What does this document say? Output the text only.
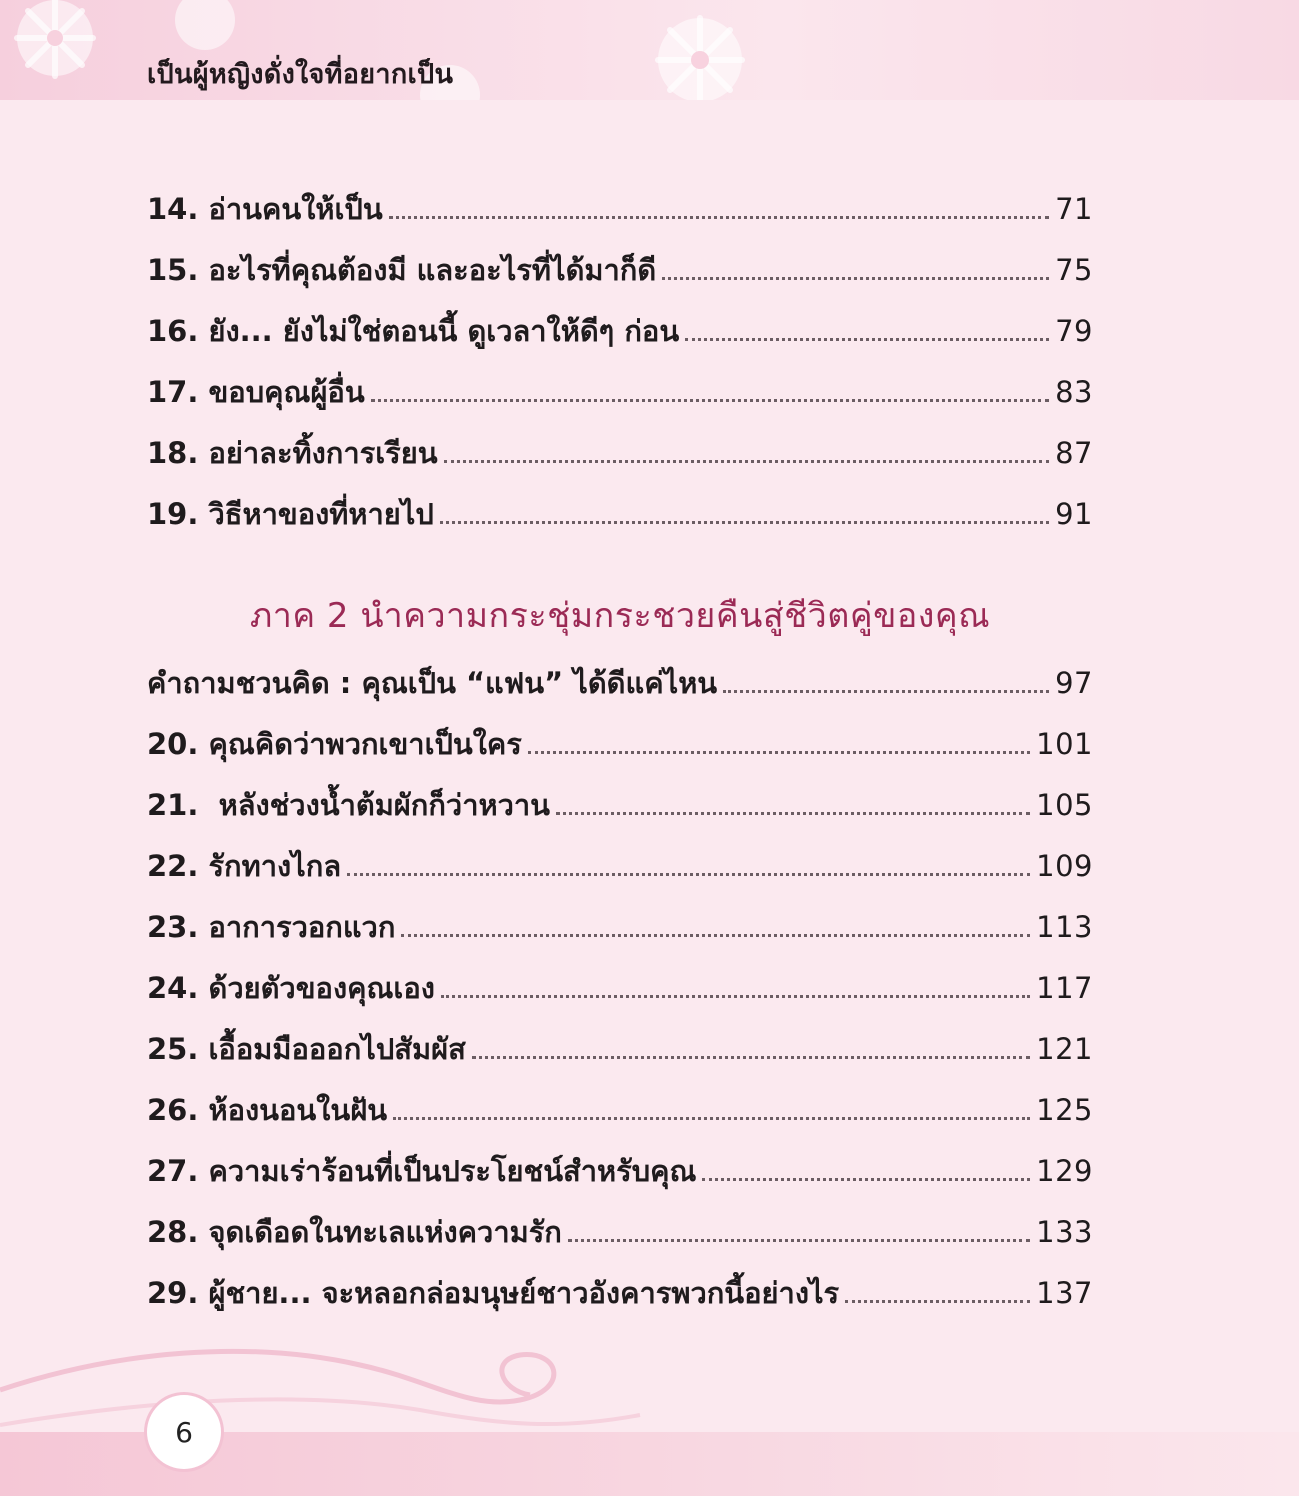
เป็นผู้หญิงดั่งใจที่อยากเป็น
14. อ่านคนให้เป็น	71
15. อะไรที่คุณต้องมี และอะไรที่ได้มาก็ดี	75
16. ยัง... ยังไม่ใช่ตอนนี้ ดูเวลาให้ดีๆ ก่อน	79
17. ขอบคุณผู้อื่น	83
18. อย่าละทิ้งการเรียน	87
19. วิธีหาของที่หายไป	91
ภาค 2 นำความกระชุ่มกระชวยคืนสู่ชีวิตคู่ของคุณ
คำถามชวนคิด : คุณเป็น “แฟน” ได้ดีแค่ไหน	97
20. คุณคิดว่าพวกเขาเป็นใคร	101
21. หลังช่วงน้ำต้มผักก็ว่าหวาน	105
22. รักทางไกล	109
23. อาการวอกแวก	113
24. ด้วยตัวของคุณเอง	117
25. เอื้อมมือออกไปสัมผัส	121
26. ห้องนอนในฝัน	125
27. ความเร่าร้อนที่เป็นประโยชน์สำหรับคุณ	129
28. จุดเดือดในทะเลแห่งความรัก	133
29. ผู้ชาย... จะหลอกล่อมนุษย์ชาวอังคารพวกนี้อย่างไร	137
6
